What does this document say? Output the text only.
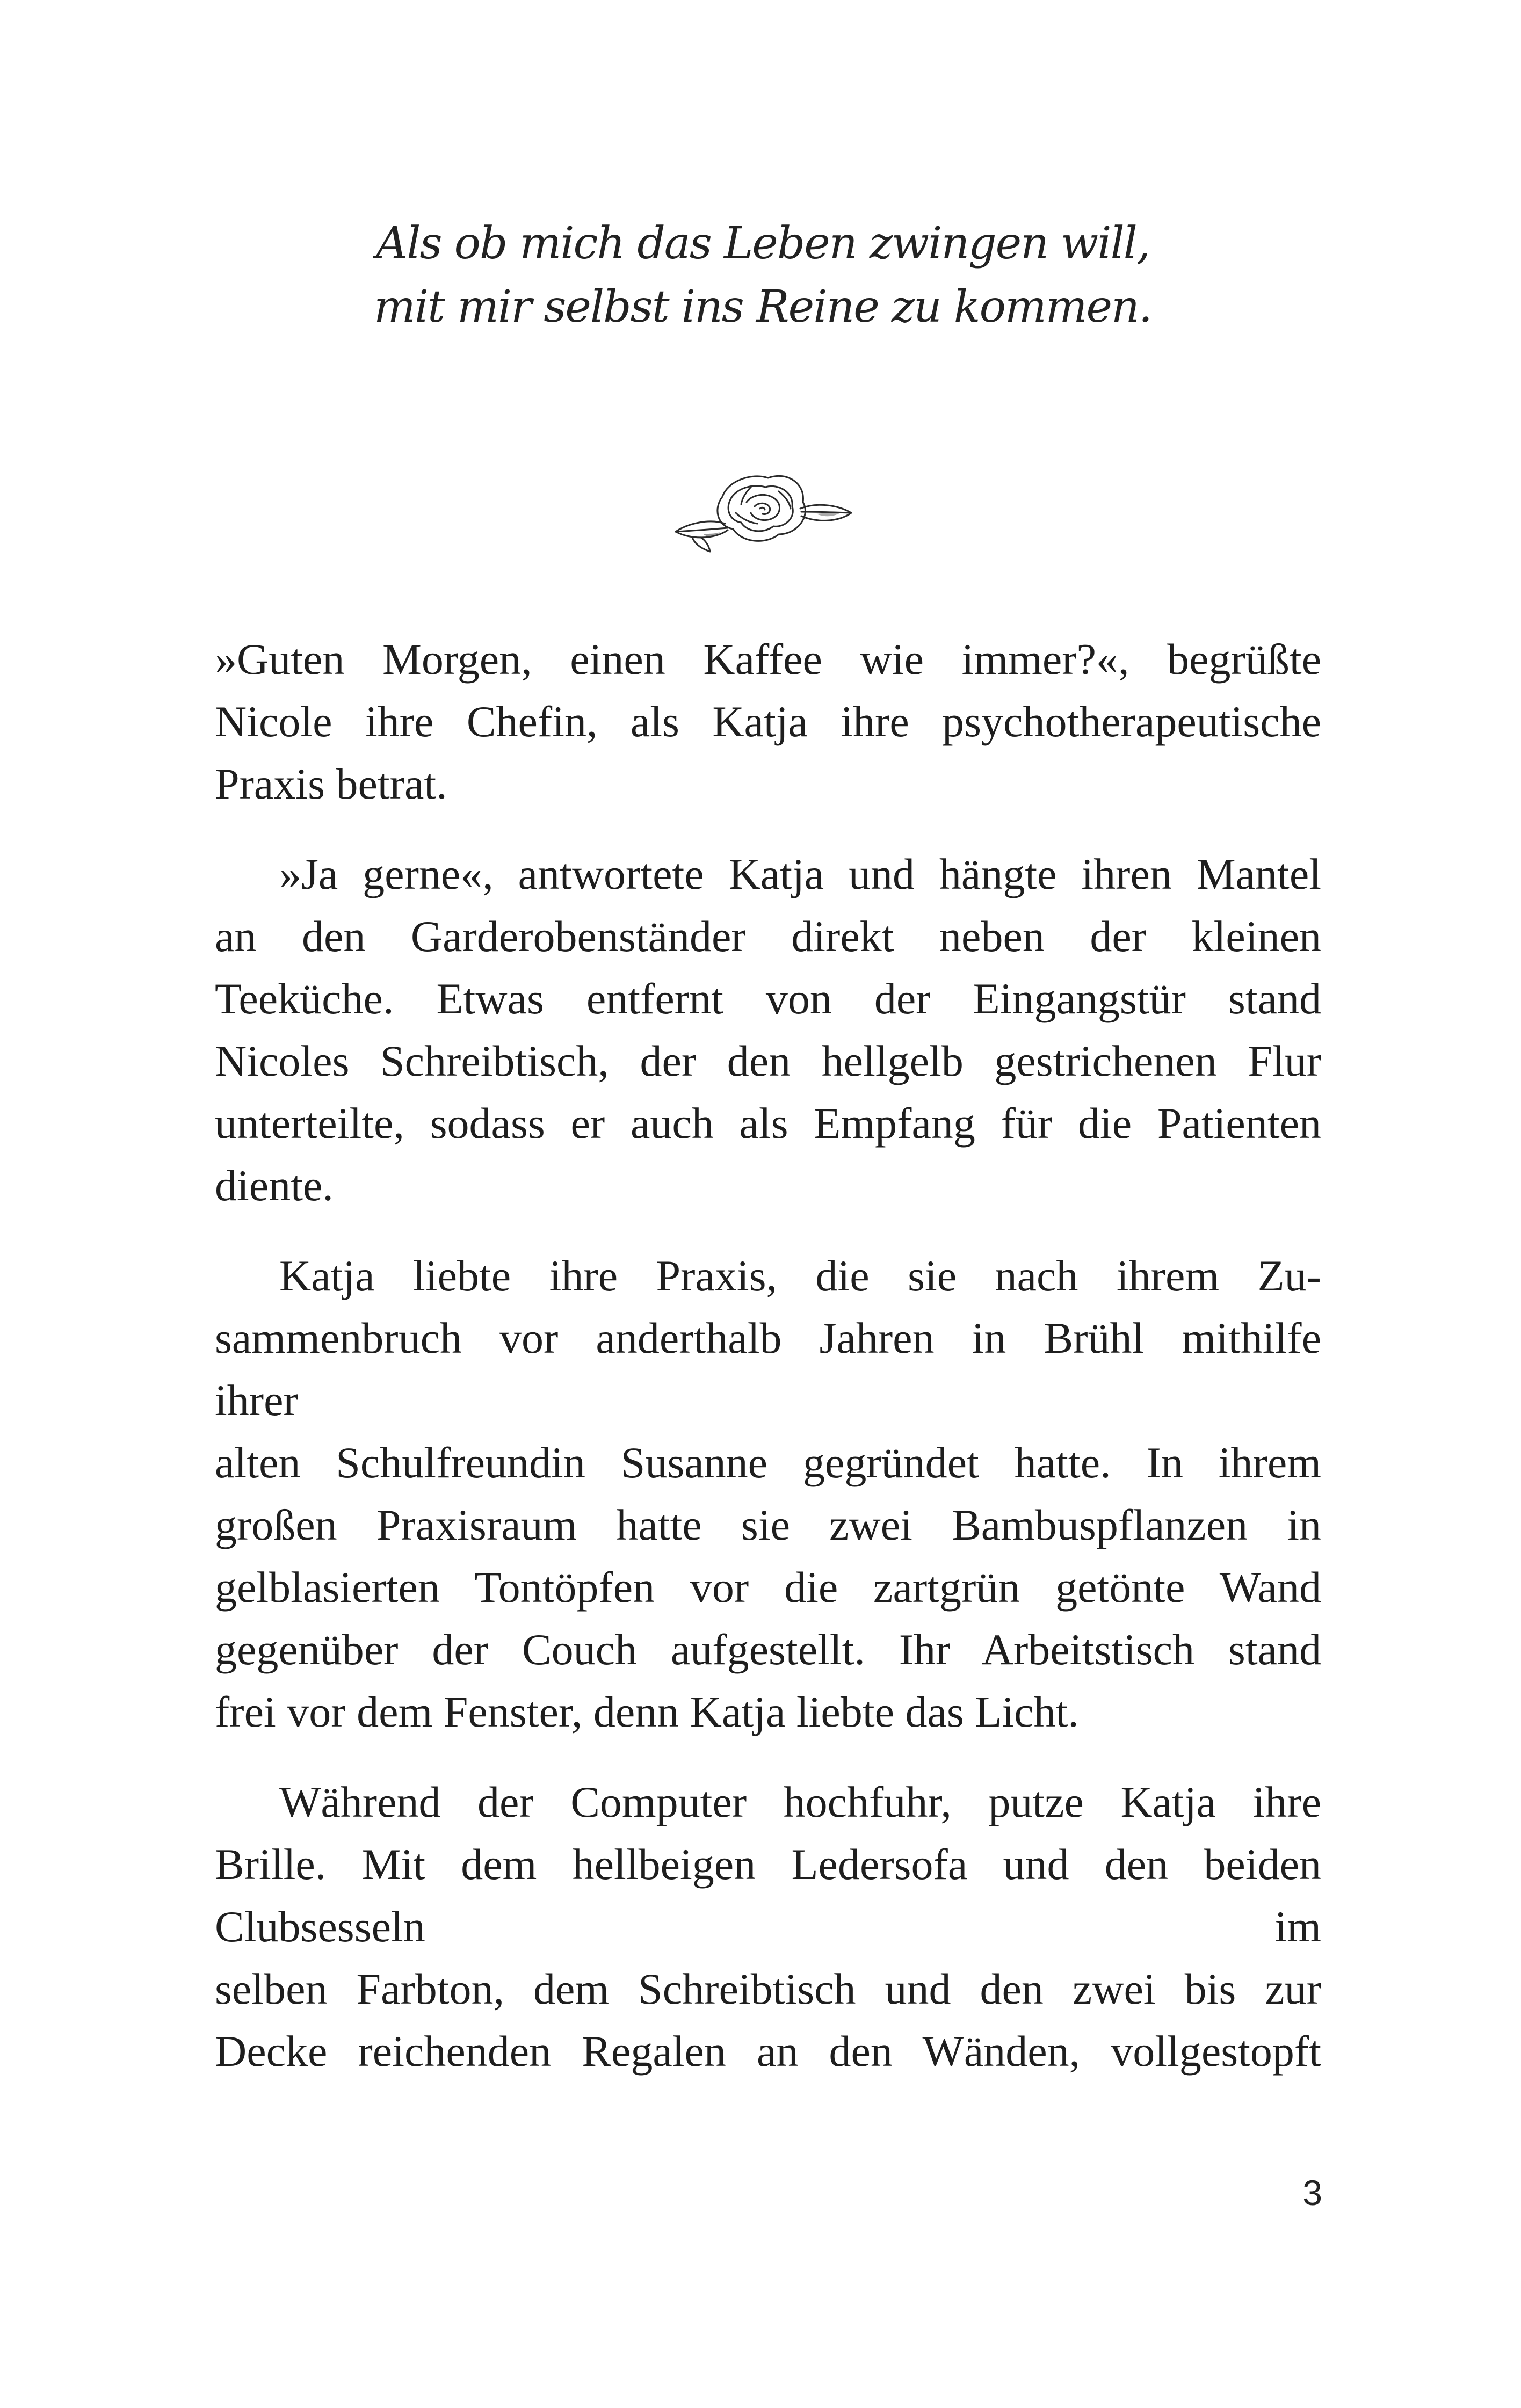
Als ob mich das Leben zwingen will,
mit mir selbst ins Reine zu kommen.
»Guten Morgen, einen Kaffee wie immer?«, begrüßte
Nicole ihre Chefin, als Katja ihre psychotherapeutische
Praxis betrat.
»Ja gerne«, antwortete Katja und hängte ihren Mantel
an den Garderobenständer direkt neben der kleinen
Teeküche. Etwas entfernt von der Eingangstür stand
Nicoles Schreibtisch, der den hellgelb gestrichenen Flur
unterteilte, sodass er auch als Empfang für die Patienten
diente.
Katja liebte ihre Praxis, die sie nach ihrem Zu-
sammenbruch vor anderthalb Jahren in Brühl mithilfe
ihrer
alten Schulfreundin Susanne gegründet hatte. In ihrem
großen Praxisraum hatte sie zwei Bambuspflanzen in
gelblasierten Tontöpfen vor die zartgrün getönte Wand
gegenüber der Couch aufgestellt. Ihr Arbeitstisch stand
frei vor dem Fenster, denn Katja liebte das Licht.
Während der Computer hochfuhr, putze Katja ihre
Brille. Mit dem hellbeigen Ledersofa und den beiden
Clubsesseln im
selben Farbton, dem Schreibtisch und den zwei bis zur
Decke reichenden Regalen an den Wänden, vollgestopft
3
